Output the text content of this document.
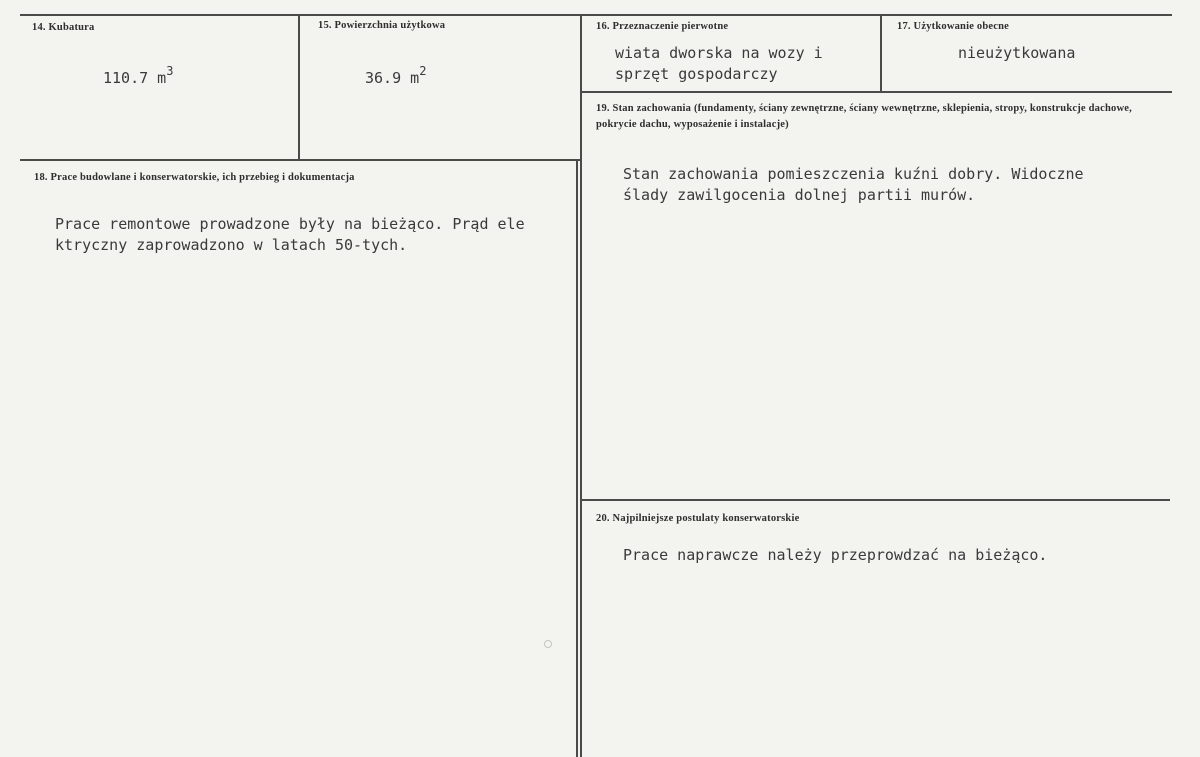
14. Kubatura
110.7 $m^3$
15. Powierzchnia użytkowa
36.9 $m^2$
16. Przeznaczenie pierwotne
wiata dworska na wozy i
sprzęt gospodarczy
17. Użytkowanie obecne
nieużytkowana
19. Stan zachowania (fundamenty, ściany zewnętrzne, ściany wewnętrzne, sklepienia, stropy, konstrukcje dachowe, pokrycie dachu, wyposażenie i instalacje)
Stan zachowania pomieszczenia kuźni dobry. Widoczne
ślady zawilgocenia dolnej partii murów.
18. Prace budowlane i konserwatorskie, ich przebieg i dokumentacja
Prace remontowe prowadzone były na bieżąco. Prąd ele
ktryczny zaprowadzono w latach 50-tych.
20. Najpilniejsze postulaty konserwatorskie
Prace naprawcze należy przeprowdzać na bieżąco.
